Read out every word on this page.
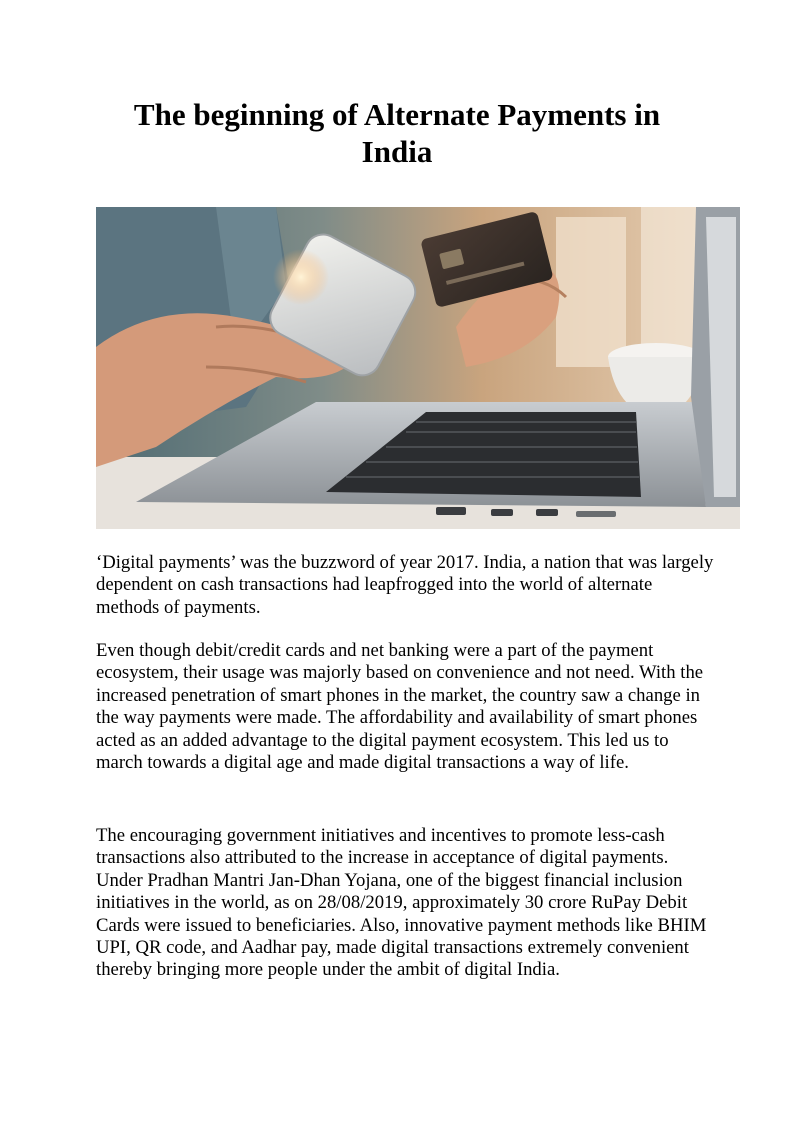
The beginning of Alternate Payments in India

‘Digital payments’ was the buzzword of year 2017. India, a nation that was largely dependent on cash transactions had leapfrogged into the world of alternate methods of payments.

Even though debit/credit cards and net banking were a part of the payment ecosystem, their usage was majorly based on convenience and not need. With the increased penetration of smart phones in the market, the country saw a change in the way payments were made. The affordability and availability of smart phones acted as an added advantage to the digital payment ecosystem. This led us to march towards a digital age and made digital transactions a way of life.

The encouraging government initiatives and incentives to promote less-cash transactions also attributed to the increase in acceptance of digital payments. Under Pradhan Mantri Jan-Dhan Yojana, one of the biggest financial inclusion initiatives in the world, as on 28/08/2019, approximately 30 crore RuPay Debit Cards were issued to beneficiaries. Also, innovative payment methods like BHIM UPI, QR code, and Aadhar pay, made digital transactions extremely convenient thereby bringing more people under the ambit of digital India.
